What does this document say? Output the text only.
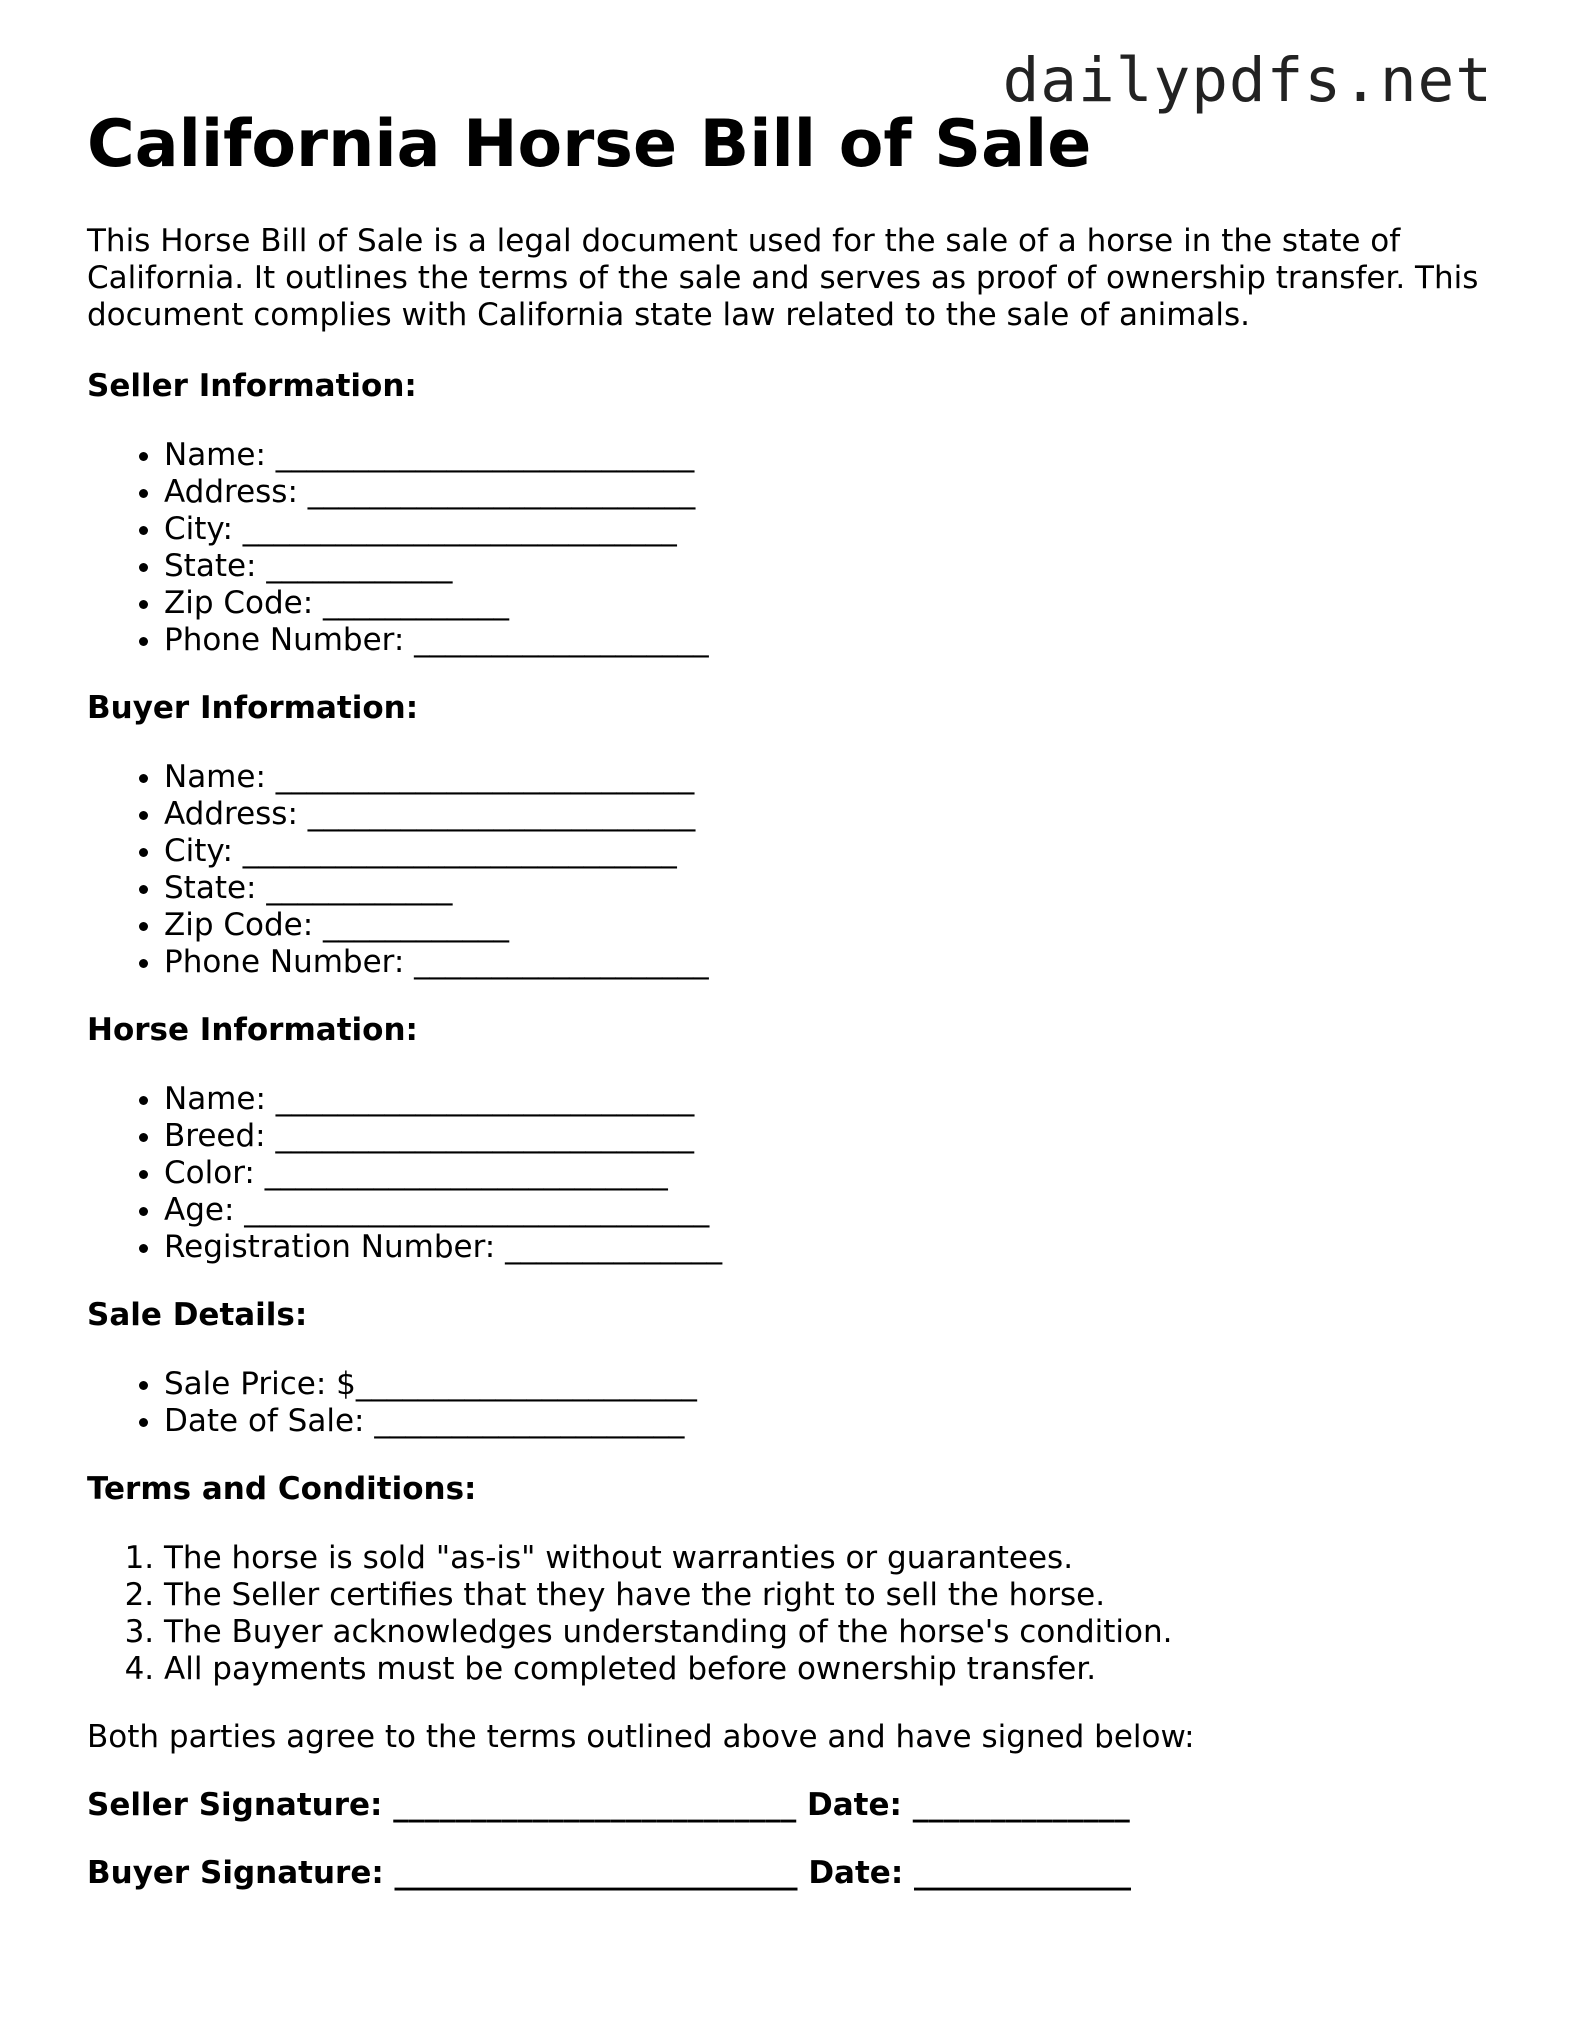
dailypdfs.net
California Horse Bill of Sale

This Horse Bill of Sale is a legal document used for the sale of a horse in the state of California. It outlines the terms of the sale and serves as proof of ownership transfer. This document complies with California state law related to the sale of animals.

Seller Information:
• Name: ___________________________
• Address: _________________________
• City: ____________________________
• State: ____________
• Zip Code: ____________
• Phone Number: ___________________
Buyer Information:
• Name: ___________________________
• Address: _________________________
• City: ____________________________
• State: ____________
• Zip Code: ____________
• Phone Number: ___________________
Horse Information:
• Name: ___________________________
• Breed: ___________________________
• Color: __________________________
• Age: ______________________________
• Registration Number: ______________
Sale Details:
• Sale Price: $______________________
• Date of Sale: ____________________
Terms and Conditions:
1. The horse is sold "as-is" without warranties or guarantees.
2. The Seller certifies that they have the right to sell the horse.
3. The Buyer acknowledges understanding of the horse's condition.
4. All payments must be completed before ownership transfer.

Both parties agree to the terms outlined above and have signed below:

Seller Signature: __________________________ Date: ______________

Buyer Signature: __________________________ Date: ______________
